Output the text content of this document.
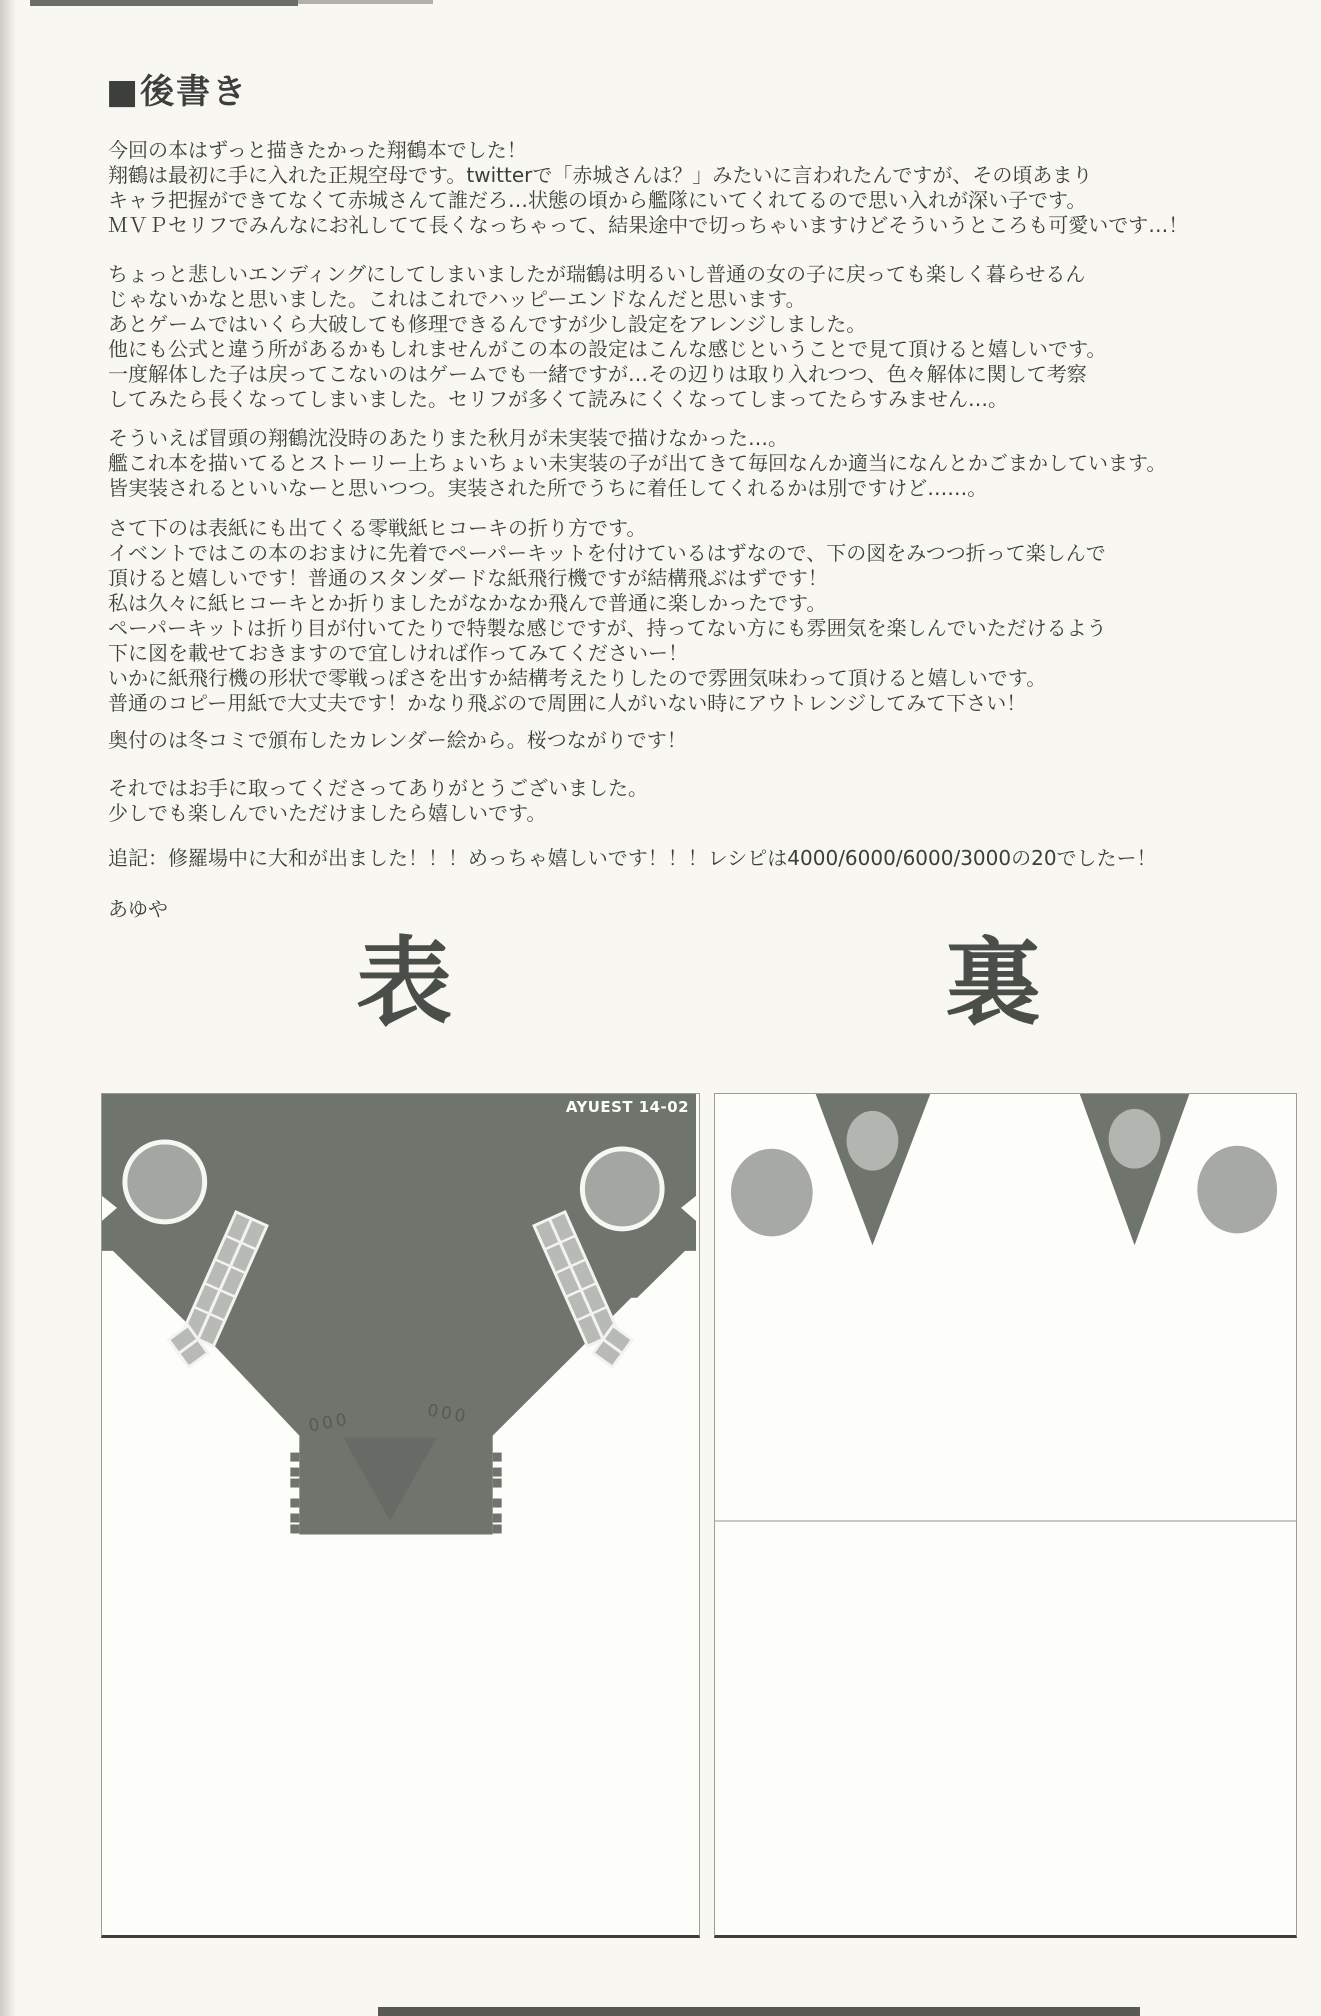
■後書き
今回の本はずっと描きたかった翔鶴本でした！
翔鶴は最初に手に入れた正規空母です。twitterで「赤城さんは？」みたいに言われたんですが、その頃あまり
キャラ把握ができてなくて赤城さんて誰だろ…状態の頃から艦隊にいてくれてるので思い入れが深い子です。
ＭＶＰセリフでみんなにお礼してて長くなっちゃって、結果途中で切っちゃいますけどそういうところも可愛いです…！
ちょっと悲しいエンディングにしてしまいましたが瑞鶴は明るいし普通の女の子に戻っても楽しく暮らせるん
じゃないかなと思いました。これはこれでハッピーエンドなんだと思います。
あとゲームではいくら大破しても修理できるんですが少し設定をアレンジしました。
他にも公式と違う所があるかもしれませんがこの本の設定はこんな感じということで見て頂けると嬉しいです。
一度解体した子は戻ってこないのはゲームでも一緒ですが…その辺りは取り入れつつ、色々解体に関して考察
してみたら長くなってしまいました。セリフが多くて読みにくくなってしまってたらすみません…。
そういえば冒頭の翔鶴沈没時のあたりまた秋月が未実装で描けなかった…。
艦これ本を描いてるとストーリー上ちょいちょい未実装の子が出てきて毎回なんか適当になんとかごまかしています。
皆実装されるといいなーと思いつつ。実装された所でうちに着任してくれるかは別ですけど……。
さて下のは表紙にも出てくる零戦紙ヒコーキの折り方です。
イベントではこの本のおまけに先着でペーパーキットを付けているはずなので、下の図をみつつ折って楽しんで
頂けると嬉しいです！普通のスタンダードな紙飛行機ですが結構飛ぶはずです！
私は久々に紙ヒコーキとか折りましたがなかなか飛んで普通に楽しかったです。
ペーパーキットは折り目が付いてたりで特製な感じですが、持ってない方にも雰囲気を楽しんでいただけるよう
下に図を載せておきますので宜しければ作ってみてくださいー！
いかに紙飛行機の形状で零戦っぽさを出すか結構考えたりしたので雰囲気味わって頂けると嬉しいです。
普通のコピー用紙で大丈夫です！かなり飛ぶので周囲に人がいない時にアウトレンジしてみて下さい！
奥付のは冬コミで頒布したカレンダー絵から。桜つながりです！
それではお手に取ってくださってありがとうございました。
少しでも楽しんでいただけましたら嬉しいです。
追記：修羅場中に大和が出ました！！！めっちゃ嬉しいです！！！レシピは4000/6000/6000/3000の20でしたー！
あゆや
表	裏
000	000
AYUEST 14-02
